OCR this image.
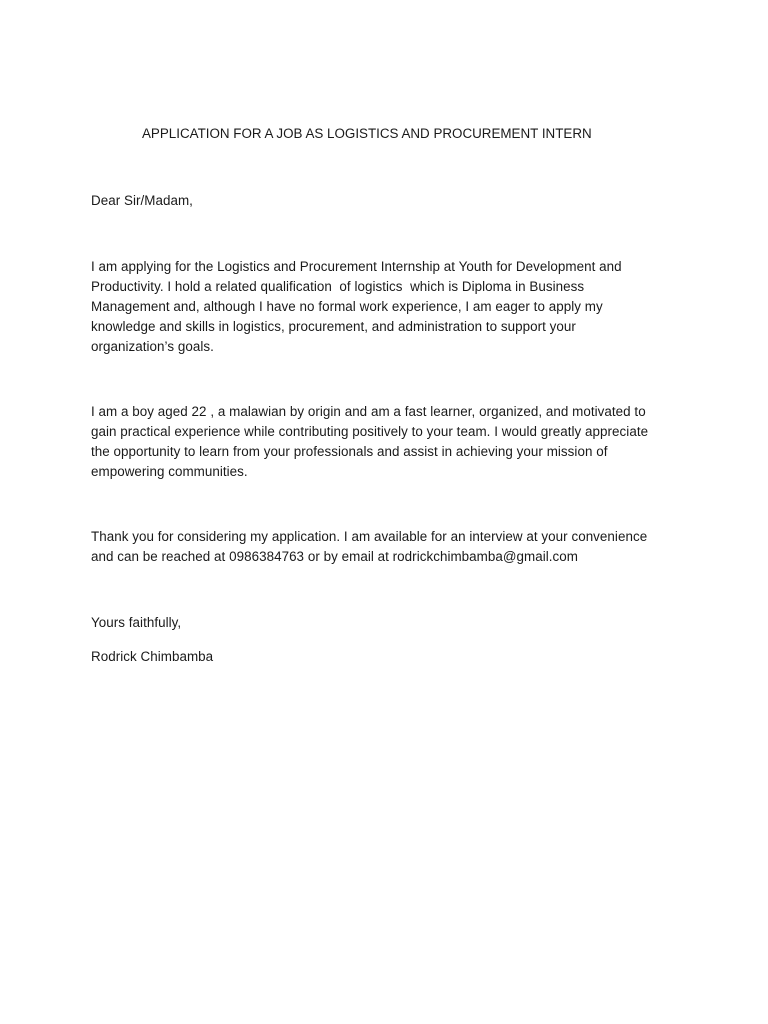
APPLICATION FOR A JOB AS LOGISTICS AND PROCUREMENT INTERN

Dear Sir/Madam,

I am applying for the Logistics and Procurement Internship at Youth for Development and
Productivity. I hold a related qualification  of logistics  which is Diploma in Business
Management and, although I have no formal work experience, I am eager to apply my
knowledge and skills in logistics, procurement, and administration to support your
organization’s goals.

I am a boy aged 22 , a malawian by origin and am a fast learner, organized, and motivated to
gain practical experience while contributing positively to your team. I would greatly appreciate
the opportunity to learn from your professionals and assist in achieving your mission of
empowering communities.

Thank you for considering my application. I am available for an interview at your convenience
and can be reached at 0986384763 or by email at rodrickchimbamba@gmail.com

Yours faithfully,

Rodrick Chimbamba
